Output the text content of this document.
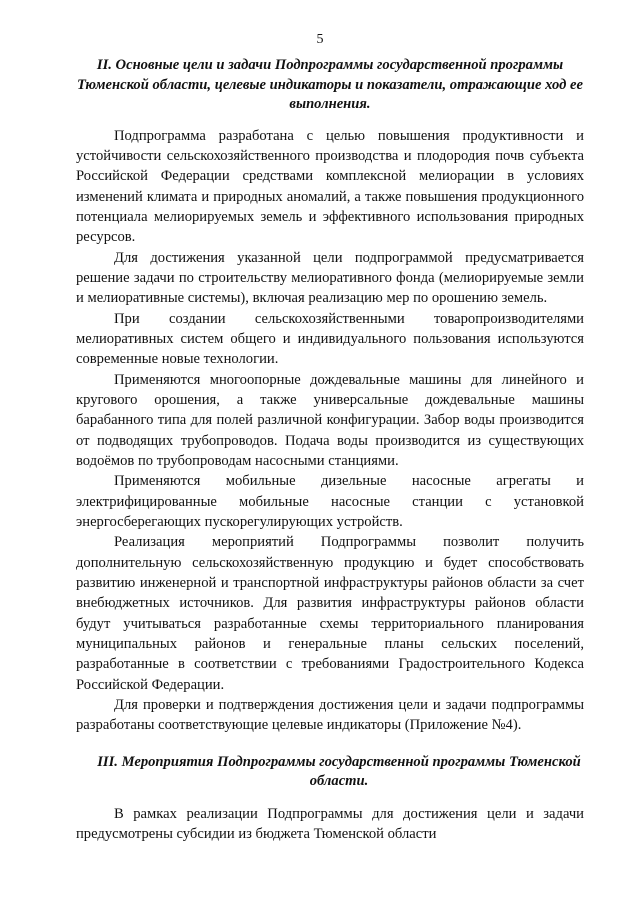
5

II. Основные цели и задачи Подпрограммы государственной программы Тюменской области, целевые индикаторы и показатели, отражающие ход ее выполнения.

Подпрограмма разработана с целью повышения продуктивности и устойчивости сельскохозяйственного производства и плодородия почв субъекта Российской Федерации средствами комплексной мелиорации в условиях изменений климата и природных аномалий, а также повышения продукционного потенциала мелиорируемых земель и эффективного использования природных ресурсов.

Для достижения указанной цели подпрограммой предусматривается решение задачи по строительству мелиоративного фонда (мелиорируемые земли и мелиоративные системы), включая реализацию мер по орошению земель.

При создании сельскохозяйственными товаропроизводителями мелиоративных систем общего и индивидуального пользования используются современные новые технологии.

Применяются многоопорные дождевальные машины для линейного и кругового орошения, а также универсальные дождевальные машины барабанного типа для полей различной конфигурации. Забор воды производится от подводящих трубопроводов. Подача воды производится из существующих водоёмов по трубопроводам насосными станциями.

Применяются мобильные дизельные насосные агрегаты и электрифицированные мобильные насосные станции с установкой энергосберегающих пускорегулирующих устройств.

Реализация мероприятий Подпрограммы позволит получить дополнительную сельскохозяйственную продукцию и будет способствовать развитию инженерной и транспортной инфраструктуры районов области за счет внебюджетных источников. Для развития инфраструктуры районов области будут учитываться разработанные схемы территориального планирования муниципальных районов и генеральные планы сельских поселений, разработанные в соответствии с требованиями Градостроительного Кодекса Российской Федерации.

Для проверки и подтверждения достижения цели и задачи подпрограммы разработаны соответствующие целевые индикаторы (Приложение №4).

III. Мероприятия Подпрограммы государственной программы Тюменской области.

В рамках реализации Подпрограммы для достижения цели и задачи предусмотрены субсидии из бюджета Тюменской области
